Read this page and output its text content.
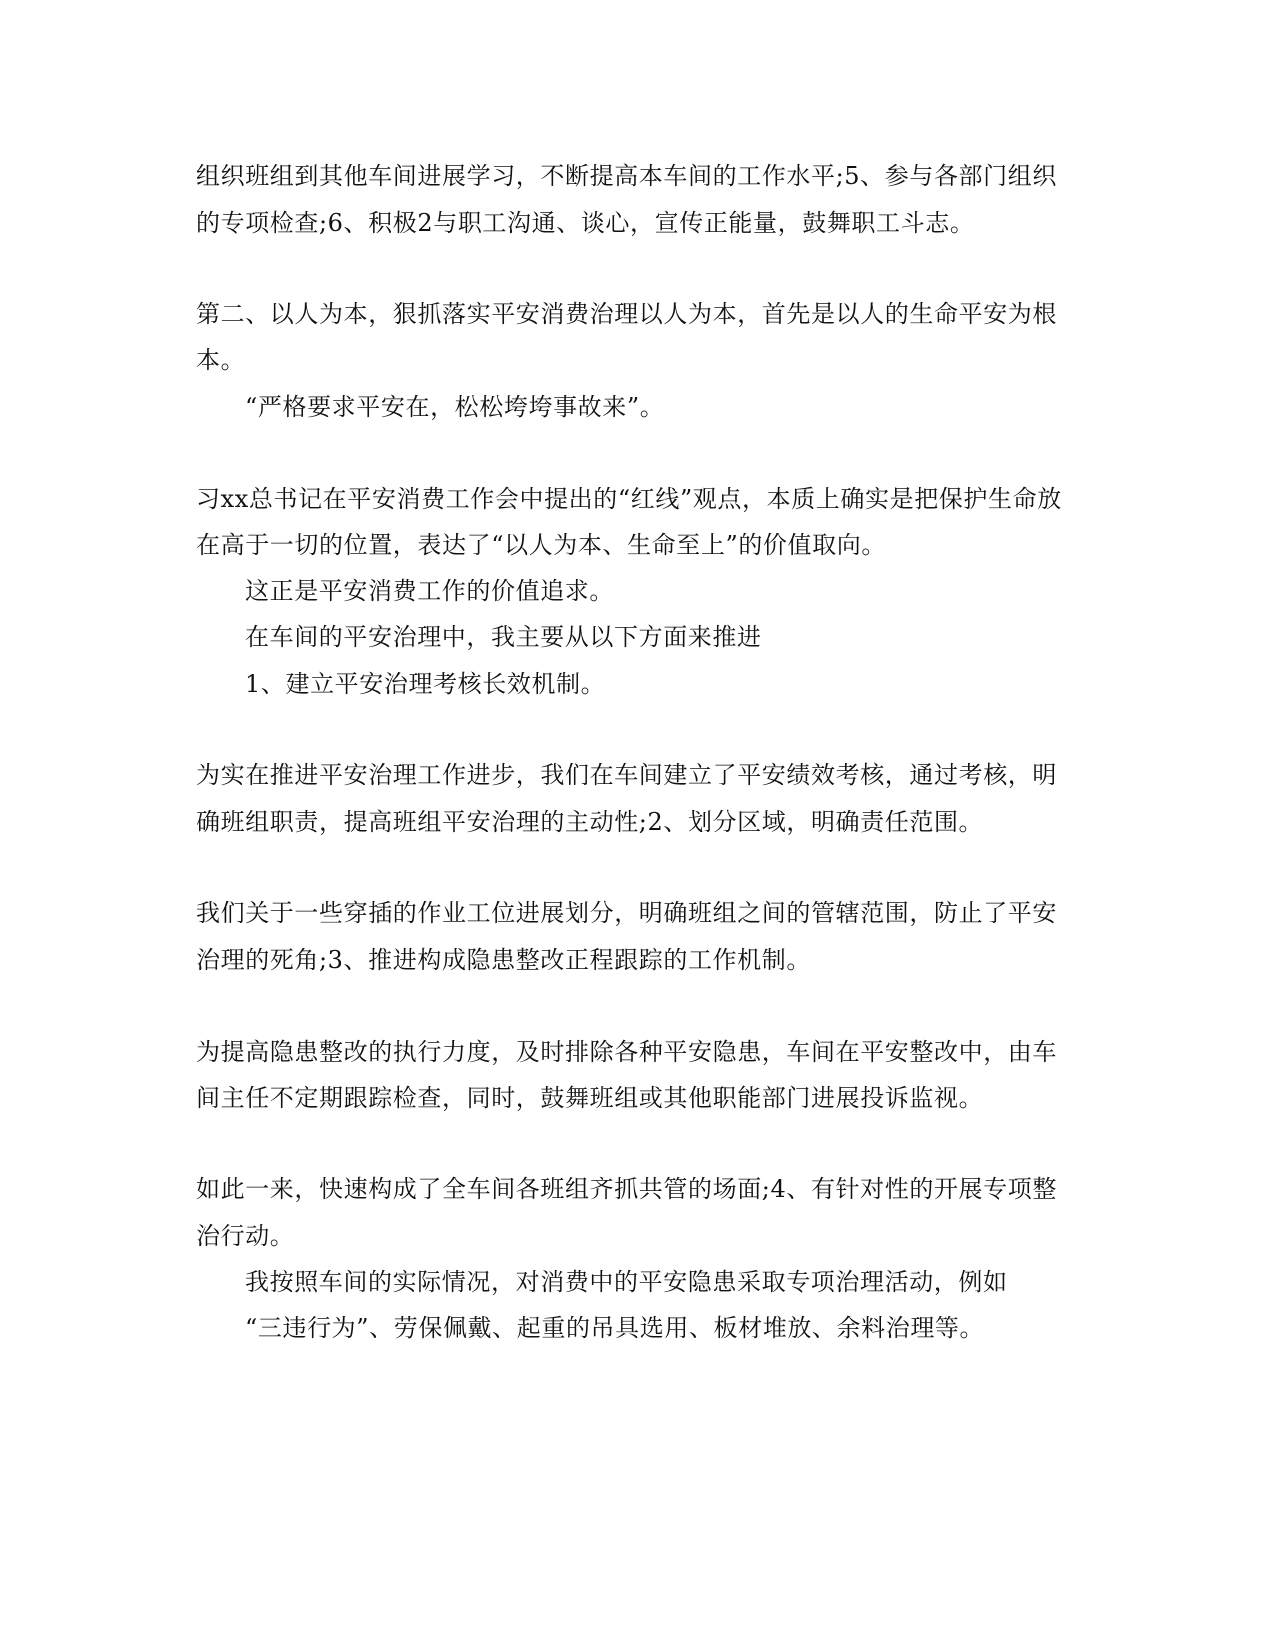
组织班组到其他车间进展学习，不断提高本车间的工作水平;5、参与各部门组织
的专项检查;6、积极2与职工沟通、谈心，宣传正能量，鼓舞职工斗志。
第二、以人为本，狠抓落实平安消费治理以人为本，首先是以人的生命平安为根
本。
“严格要求平安在，松松垮垮事故来”。
习xx总书记在平安消费工作会中提出的“红线”观点，本质上确实是把保护生命放
在高于一切的位置，表达了“以人为本、生命至上”的价值取向。
这正是平安消费工作的价值追求。
在车间的平安治理中，我主要从以下方面来推进
1、建立平安治理考核长效机制。
为实在推进平安治理工作进步，我们在车间建立了平安绩效考核，通过考核，明
确班组职责，提高班组平安治理的主动性;2、划分区域，明确责任范围。
我们关于一些穿插的作业工位进展划分，明确班组之间的管辖范围，防止了平安
治理的死角;3、推进构成隐患整改正程跟踪的工作机制。
为提高隐患整改的执行力度，及时排除各种平安隐患，车间在平安整改中，由车
间主任不定期跟踪检查，同时，鼓舞班组或其他职能部门进展投诉监视。
如此一来，快速构成了全车间各班组齐抓共管的场面;4、有针对性的开展专项整
治行动。
我按照车间的实际情况，对消费中的平安隐患采取专项治理活动，例如
“三违行为”、劳保佩戴、起重的吊具选用、板材堆放、余料治理等。
